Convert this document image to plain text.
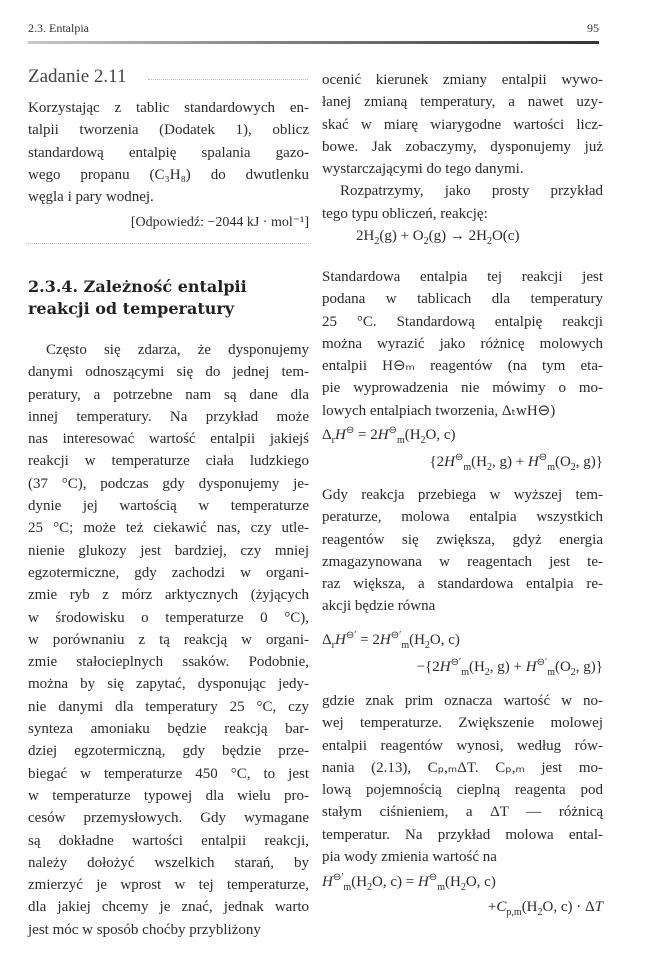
2.3. Entalpia	95
Zadanie 2.11
Korzystając z tablic standardowych en-
talpii tworzenia (Dodatek 1), oblicz
standardową entalpię spalania gazo-
wego propanu (C₃H₈) do dwutlenku
węgla i pary wodnej.
[Odpowiedź: −2044 kJ · mol⁻¹]
2.3.4. Zależność entalpii reakcji od temperatury
Często się zdarza, że dysponujemy
danymi odnoszącymi się do jednej tem-
peratury, a potrzebne nam są dane dla
innej temperatury. Na przykład może
nas interesować wartość entalpii jakiejś
reakcji w temperaturze ciała ludzkiego
(37 °C), podczas gdy dysponujemy je-
dynie jej wartością w temperaturze
25 °C; może też ciekawić nas, czy utle-
nienie glukozy jest bardziej, czy mniej
egzotermiczne, gdy zachodzi w organi-
zmie ryb z mórz arktycznych (żyjących
w środowisku o temperaturze 0 °C),
w porównaniu z tą reakcją w organi-
zmie stałocieplnych ssaków. Podobnie,
można by się zapytać, dysponując jedy-
nie danymi dla temperatury 25 °C, czy
synteza amoniaku będzie reakcją bar-
dziej egzotermiczną, gdy będzie prze-
biegać w temperaturze 450 °C, to jest
w temperaturze typowej dla wielu pro-
cesów przemysłowych. Gdy wymagane
są dokładne wartości entalpii reakcji,
należy dołożyć wszelkich starań, by
zmierzyć je wprost w tej temperaturze,
dla jakiej chcemy je znać, jednak warto
jest móc w sposób choćby przybliżony
ocenić kierunek zmiany entalpii wywo-
łanej zmianą temperatury, a nawet uzy-
skać w miarę wiarygodne wartości licz-
bowe. Jak zobaczymy, dysponujemy już
wystarczającymi do tego danymi.
Rozpatrzymy, jako prosty przykład
tego typu obliczeń, reakcję:
$2H_2(g) + O_2(g) \to 2H_2O(c)$
Standardowa entalpia tej reakcji jest
podana w tablicach dla temperatury
25 °C. Standardową entalpię reakcji
można wyrazić jako różnicę molowych
entalpii H⊖ₘ reagentów (na tym eta-
pie wyprowadzenia nie mówimy o mo-
lowych entalpiach tworzenia, ΔₜwH⊖)
$\Delta_rH^⊖ = 2H^⊖_m(H_2O$, c)
{$2H^⊖_m(H_2$, $g) + H^⊖_m(O_2$, g)}
Gdy reakcja przebiega w wyższej tem-
peraturze, molowa entalpia wszystkich
reagentów się zwiększa, gdyż energia
zmagazynowana w reagentach jest te-
raz większa, a standardowa entalpia re-
akcji będzie równa
$\Delta_rH^{⊖'} = 2H^{⊖'}_m(H_2O$, c)
$-\{2H^{⊖'}_m(H_2$, $g) + H^{⊖'}_m(O_2$, g)}
gdzie znak prim oznacza wartość w no-
wej temperaturze. Zwiększenie molowej
entalpii reagentów wynosi, według rów-
nania (2.13), Cₚ,ₘΔT. Cₚ,ₘ jest mo-
lową pojemnością cieplną reagenta pod
stałym ciśnieniem, a ΔT — różnicą
temperatur. Na przykład molowa ental-
pia wody zmienia wartość na
$H^{⊖'}_m(H_2O$, $c) = H^⊖_m(H_2O$, c)
$+C_{p,m}(H_2O$, c) · ΔT
